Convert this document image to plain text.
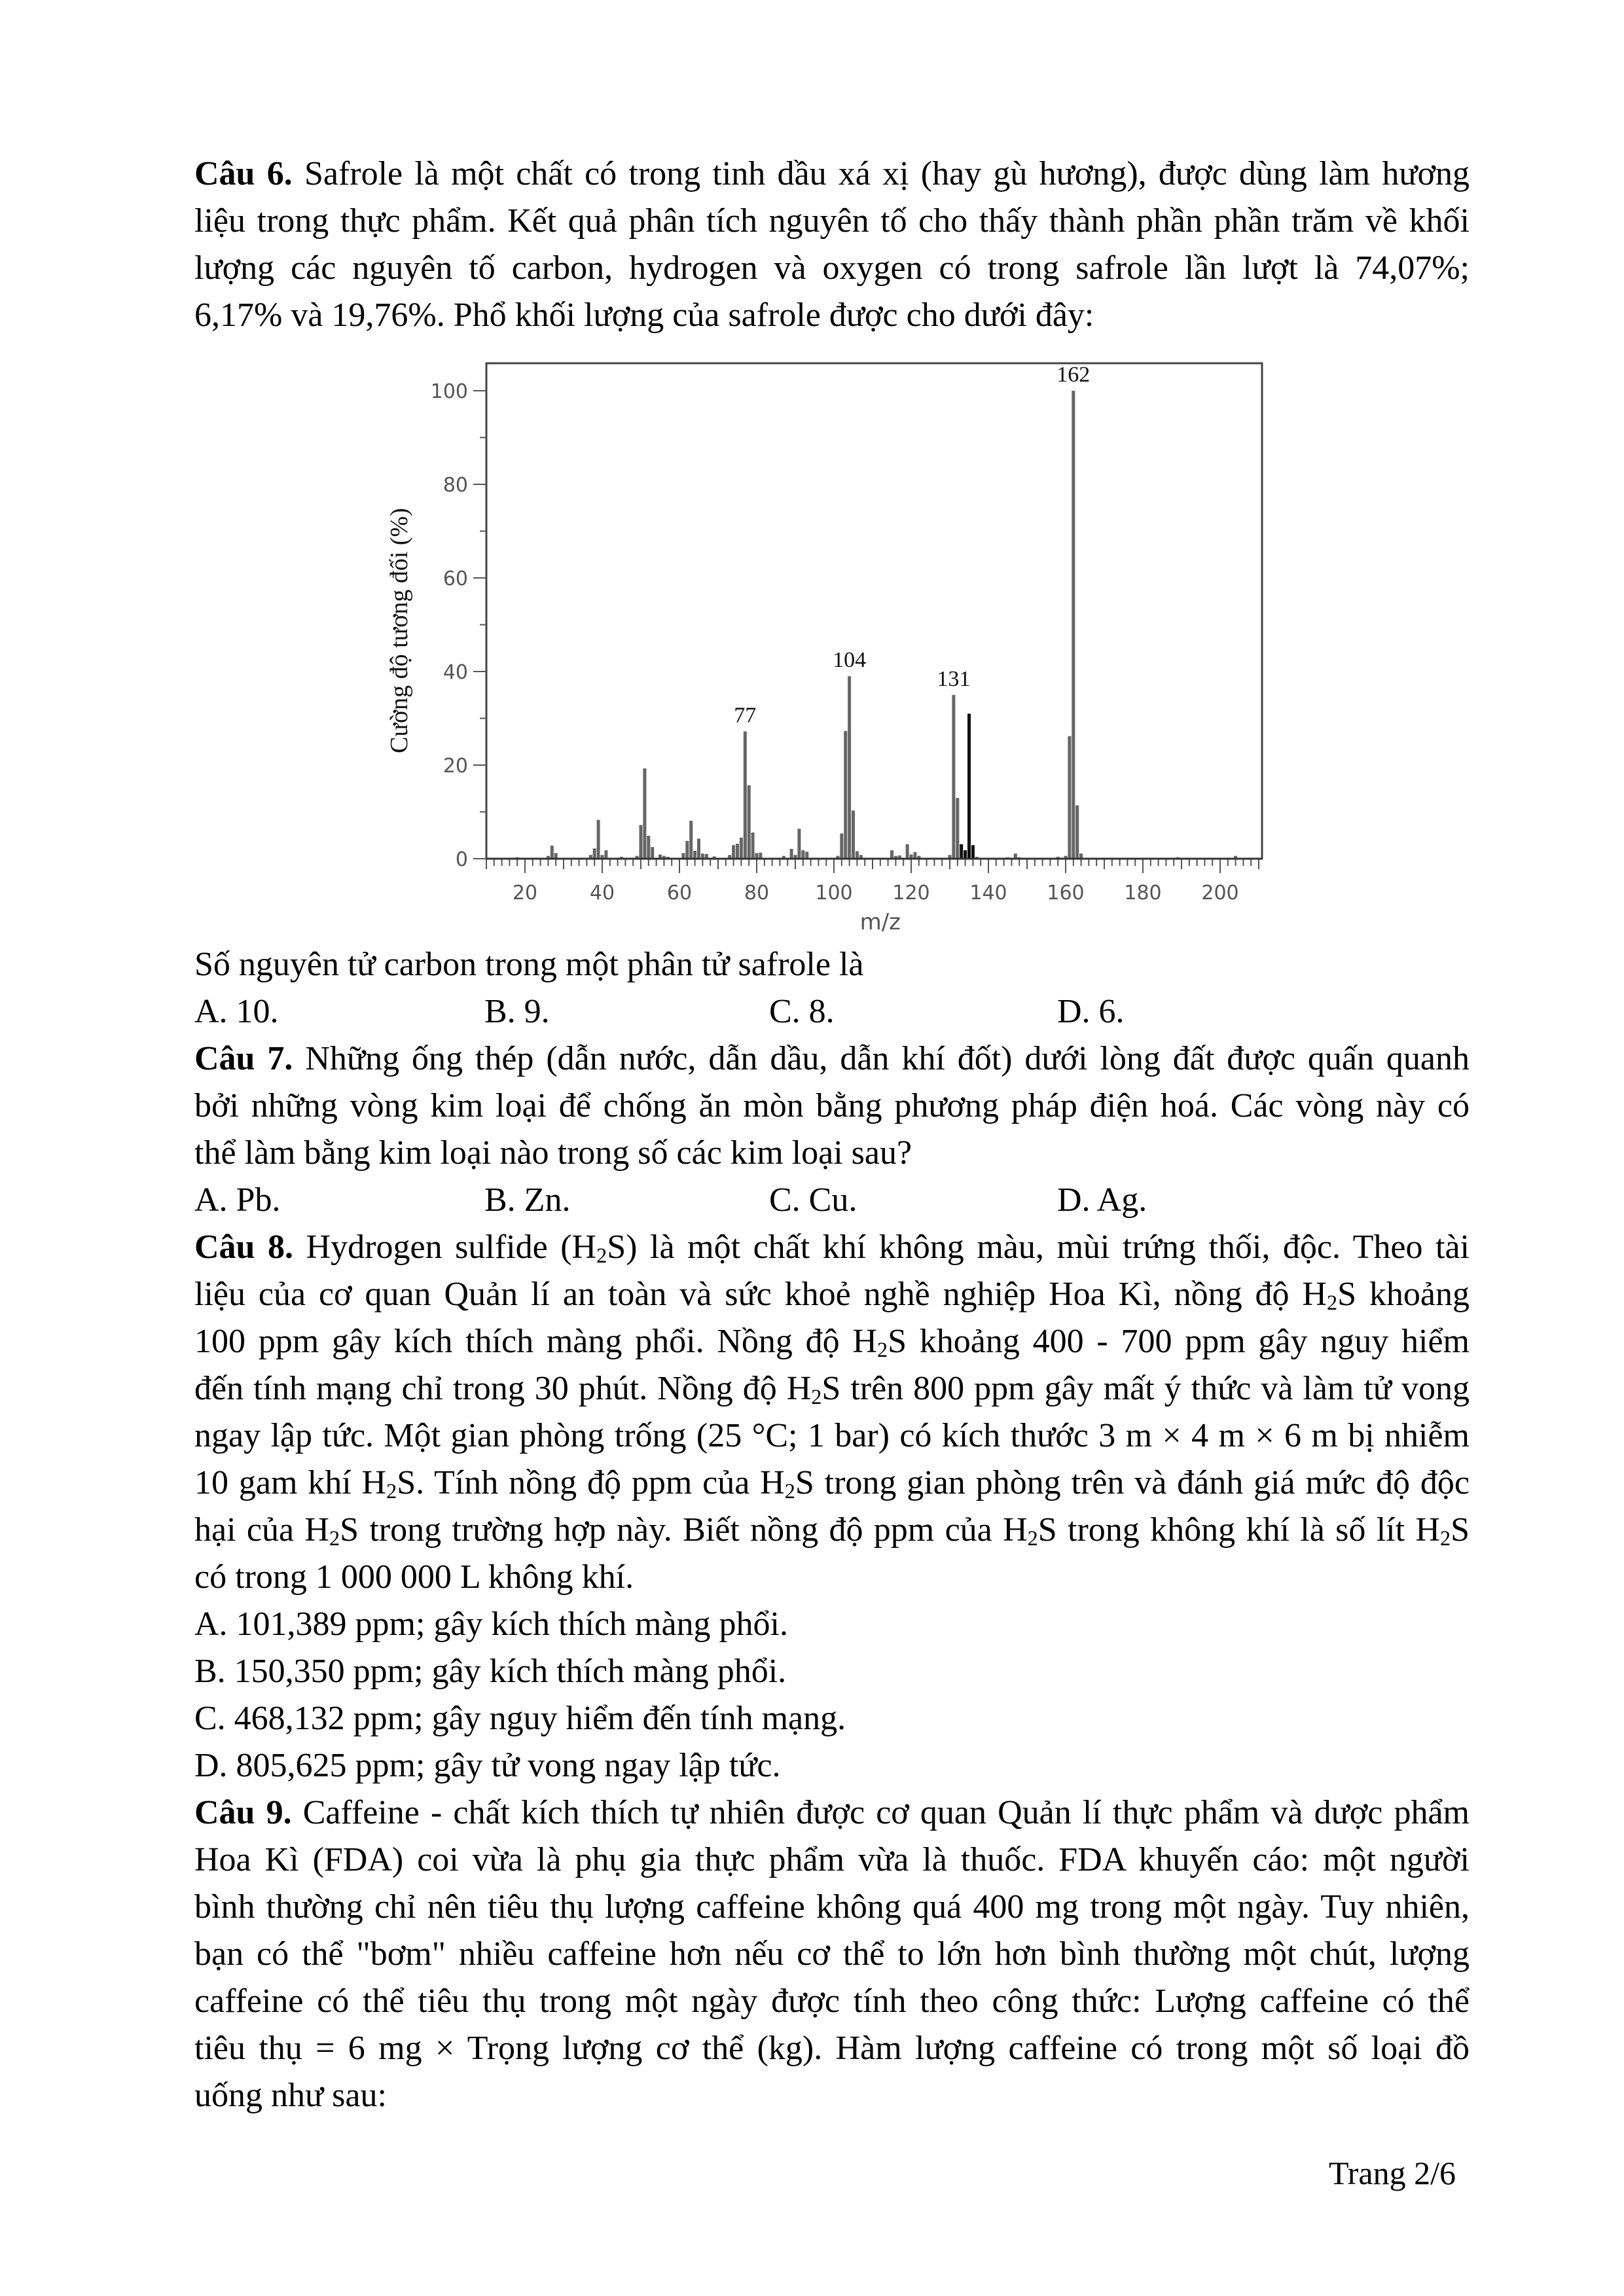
Câu 6. Safrole là một chất có trong tinh dầu xá xị (hay gù hương), được dùng làm hương
liệu trong thực phẩm. Kết quả phân tích nguyên tố cho thấy thành phần phần trăm về khối
lượng các nguyên tố carbon, hydrogen và oxygen có trong safrole lần lượt là 74,07%;
6,17% và 19,76%. Phổ khối lượng của safrole được cho dưới đây:
Số nguyên tử carbon trong một phân tử safrole là
A. 10.	B. 9.	C. 8.	D. 6.
Câu 7. Những ống thép (dẫn nước, dẫn dầu, dẫn khí đốt) dưới lòng đất được quấn quanh
bởi những vòng kim loại để chống ăn mòn bằng phương pháp điện hoá. Các vòng này có
thể làm bằng kim loại nào trong số các kim loại sau?
A. Pb.	B. Zn.	C. Cu.	D. Ag.
Câu 8. Hydrogen sulfide $(H_2S)$ là một chất khí không màu, mùi trứng thối, độc. Theo tài
liệu của cơ quan Quản lí an toàn và sức khoẻ nghề nghiệp Hoa Kì, nồng độ $H_2S$ khoảng
100 ppm gây kích thích màng phổi. Nồng độ $H_2S$ khoảng 400 - 700 ppm gây nguy hiểm
đến tính mạng chỉ trong 30 phút. Nồng độ $H_2S$ trên 800 ppm gây mất ý thức và làm tử vong
ngay lập tức. Một gian phòng trống (25 °C; 1 bar) có kích thước 3 m × 4 m × 6 m bị nhiễm
10 gam khí $H_2S$. Tính nồng độ ppm của $H_2S$ trong gian phòng trên và đánh giá mức độ độc
hại của $H_2S$ trong trường hợp này. Biết nồng độ ppm của $H_2S$ trong không khí là số lít $H_2S$
có trong 1 000 000 L không khí.
A. 101,389 ppm; gây kích thích màng phổi.
B. 150,350 ppm; gây kích thích màng phổi.
C. 468,132 ppm; gây nguy hiểm đến tính mạng.
D. 805,625 ppm; gây tử vong ngay lập tức.
Câu 9. Caffeine - chất kích thích tự nhiên được cơ quan Quản lí thực phẩm và dược phẩm
Hoa Kì (FDA) coi vừa là phụ gia thực phẩm vừa là thuốc. FDA khuyến cáo: một người
bình thường chỉ nên tiêu thụ lượng caffeine không quá 400 mg trong một ngày. Tuy nhiên,
bạn có thể "bơm" nhiều caffeine hơn nếu cơ thể to lớn hơn bình thường một chút, lượng
caffeine có thể tiêu thụ trong một ngày được tính theo công thức: Lượng caffeine có thể
tiêu thụ = 6 mg × Trọng lượng cơ thể (kg). Hàm lượng caffeine có trong một số loại đồ
uống như sau:
20	40	60	80 100 120 140 160 180 200
0
20
40
60
80
100
77
104
131
162
m/z
Cường độ tương đối (%)
Trang 2/6
